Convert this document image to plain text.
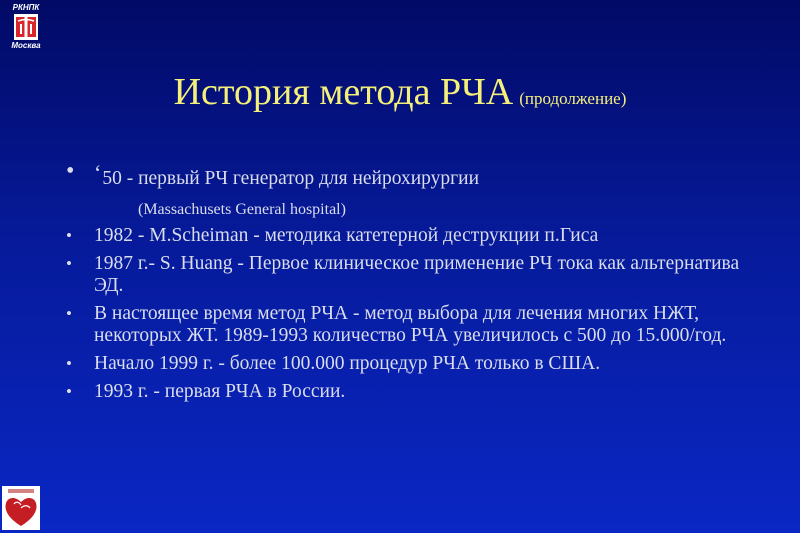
РКНПК
Москва
История метода РЧА (продолжение)
• ‘50 - первый РЧ генератор для нейрохирургии
(Massachusets General hospital)
• 1982 - M.Scheiman - методика катетерной деструкции п.Гиса
• 1987 г.- S. Huang - Первое клиническое применение РЧ тока как альтернатива ЭД.
• В настоящее время метод РЧА - метод выбора для лечения многих НЖТ, некоторых ЖТ. 1989-1993 количество РЧА увеличилось с 500 до 15.000/год.
• Начало 1999 г. - более 100.000 процедур РЧА только в США.
• 1993 г. - первая РЧА в России.
